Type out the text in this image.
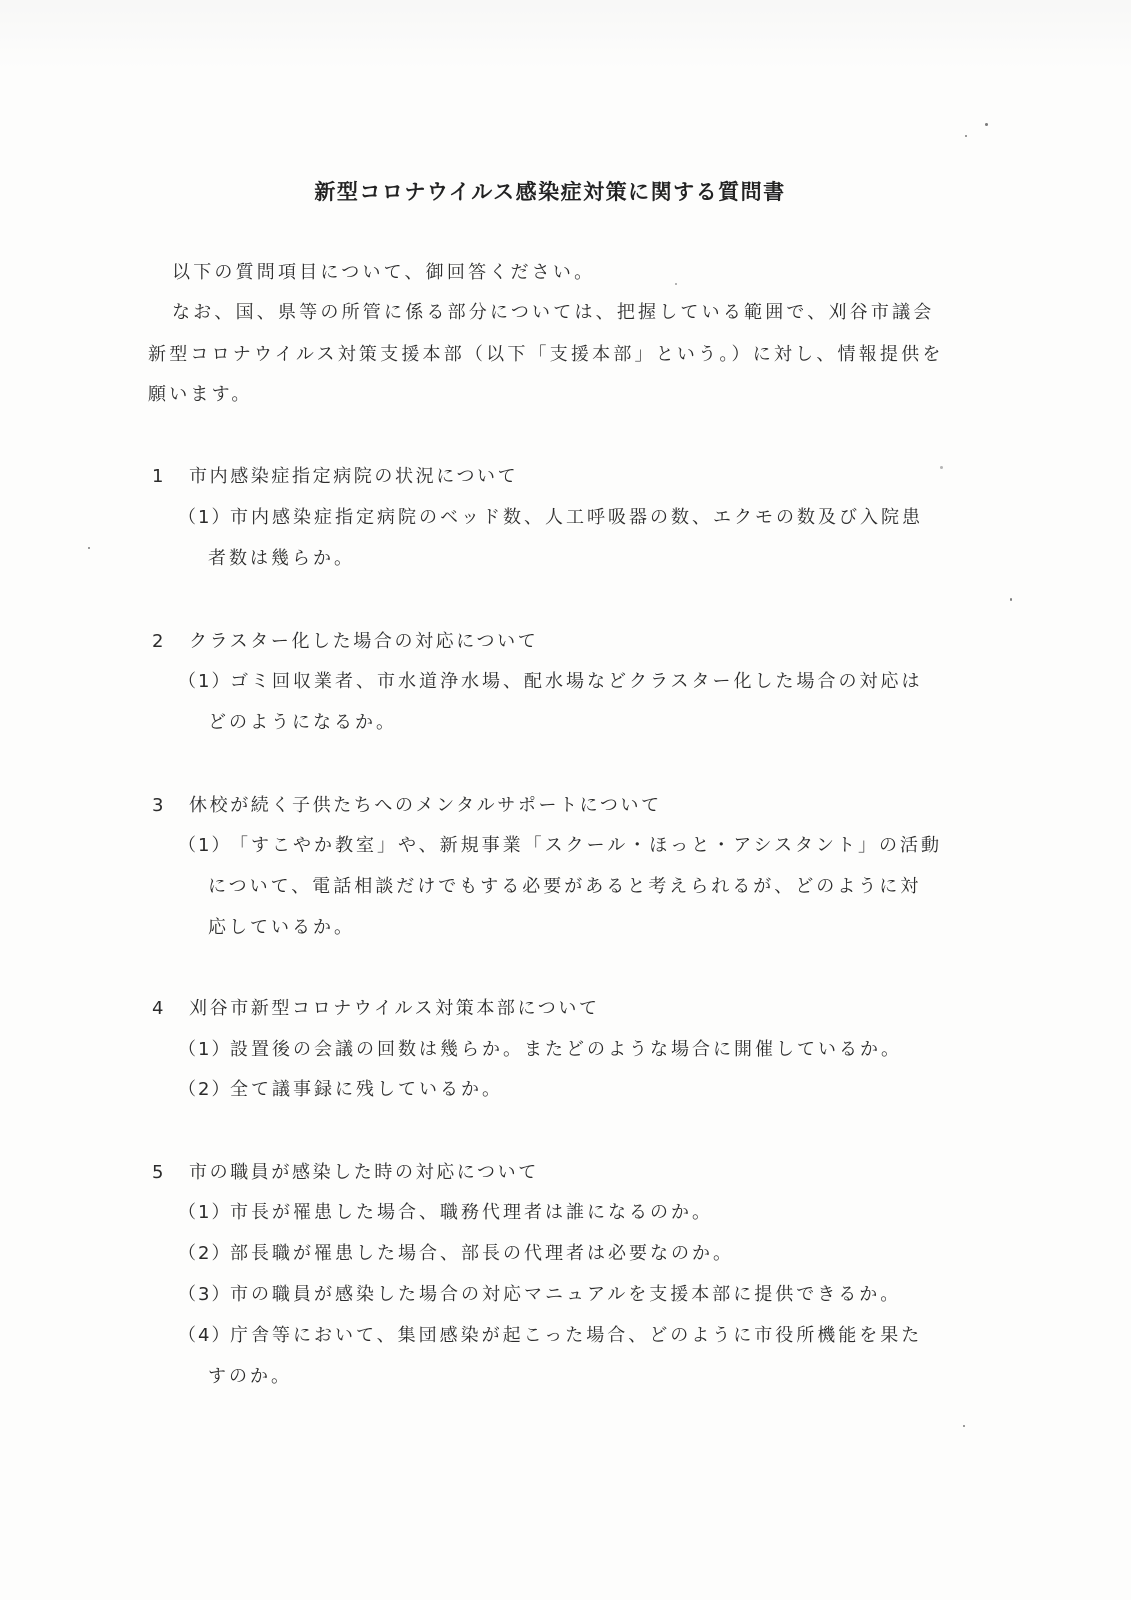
新型コロナウイルス感染症対策に関する質問書
以下の質問項目について、御回答ください。
なお、国、県等の所管に係る部分については、把握している範囲で、刈谷市議会
新型コロナウイルス対策支援本部（以下「支援本部」という。）に対し、情報提供を
願います。
1 市内感染症指定病院の状況について
（1）市内感染症指定病院のベッド数、人工呼吸器の数、エクモの数及び入院患
者数は幾らか。
2 クラスター化した場合の対応について
（1）ゴミ回収業者、市水道浄水場、配水場などクラスター化した場合の対応は
どのようになるか。
3 休校が続く子供たちへのメンタルサポートについて
（1）「すこやか教室」や、新規事業「スクール・ほっと・アシスタント」の活動
について、電話相談だけでもする必要があると考えられるが、どのように対
応しているか。
4 刈谷市新型コロナウイルス対策本部について
（1）設置後の会議の回数は幾らか。またどのような場合に開催しているか。
（2）全て議事録に残しているか。
5 市の職員が感染した時の対応について
（1）市長が罹患した場合、職務代理者は誰になるのか。
（2）部長職が罹患した場合、部長の代理者は必要なのか。
（3）市の職員が感染した場合の対応マニュアルを支援本部に提供できるか。
（4）庁舎等において、集団感染が起こった場合、どのように市役所機能を果た
すのか。
